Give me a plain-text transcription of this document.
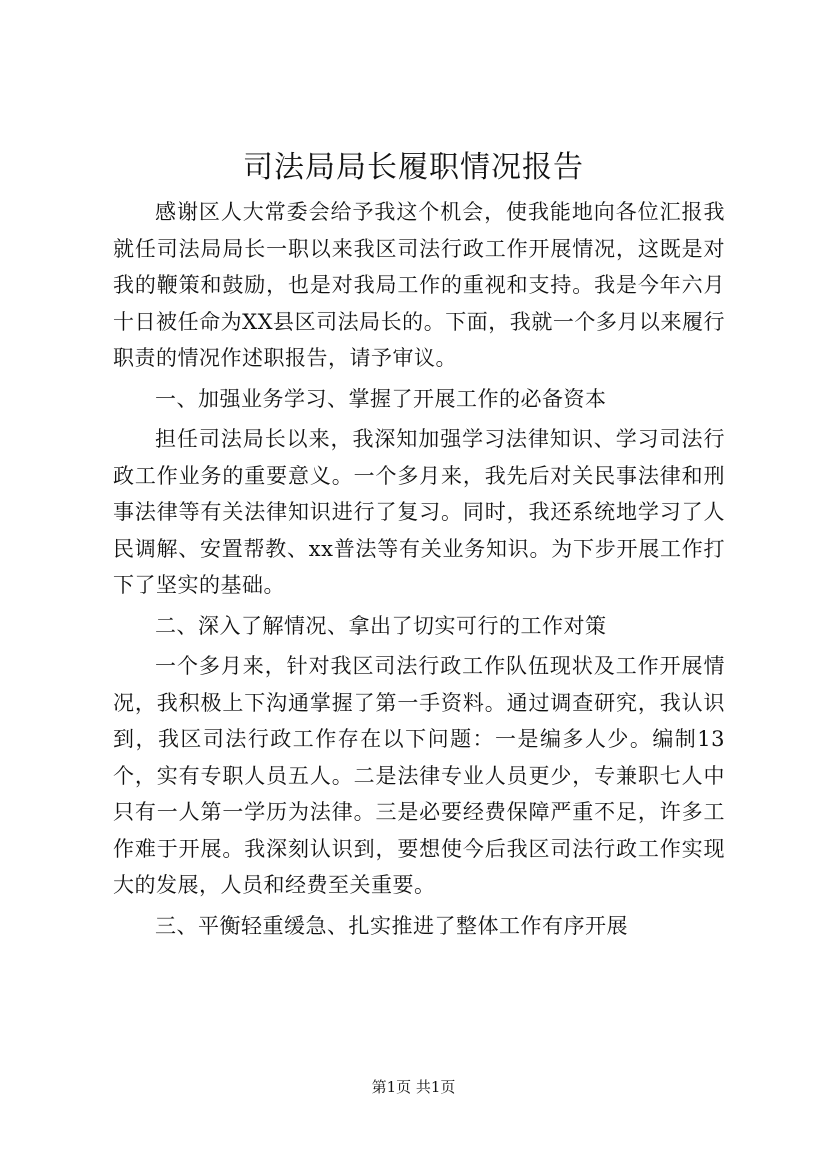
司法局局长履职情况报告

感谢区人大常委会给予我这个机会，使我能地向各位汇报我就任司法局局长一职以来我区司法行政工作开展情况，这既是对我的鞭策和鼓励，也是对我局工作的重视和支持。我是今年六月十日被任命为XX县区司法局长的。下面，我就一个多月以来履行职责的情况作述职报告，请予审议。

一、加强业务学习、掌握了开展工作的必备资本

担任司法局长以来，我深知加强学习法律知识、学习司法行政工作业务的重要意义。一个多月来，我先后对关民事法律和刑事法律等有关法律知识进行了复习。同时，我还系统地学习了人民调解、安置帮教、xx普法等有关业务知识。为下步开展工作打下了坚实的基础。

二、深入了解情况、拿出了切实可行的工作对策

一个多月来，针对我区司法行政工作队伍现状及工作开展情况，我积极上下沟通掌握了第一手资料。通过调查研究，我认识到，我区司法行政工作存在以下问题：一是编多人少。编制13个，实有专职人员五人。二是法律专业人员更少，专兼职七人中只有一人第一学历为法律。三是必要经费保障严重不足，许多工作难于开展。我深刻认识到，要想使今后我区司法行政工作实现大的发展，人员和经费至关重要。

三、平衡轻重缓急、扎实推进了整体工作有序开展

第1页 共1页
